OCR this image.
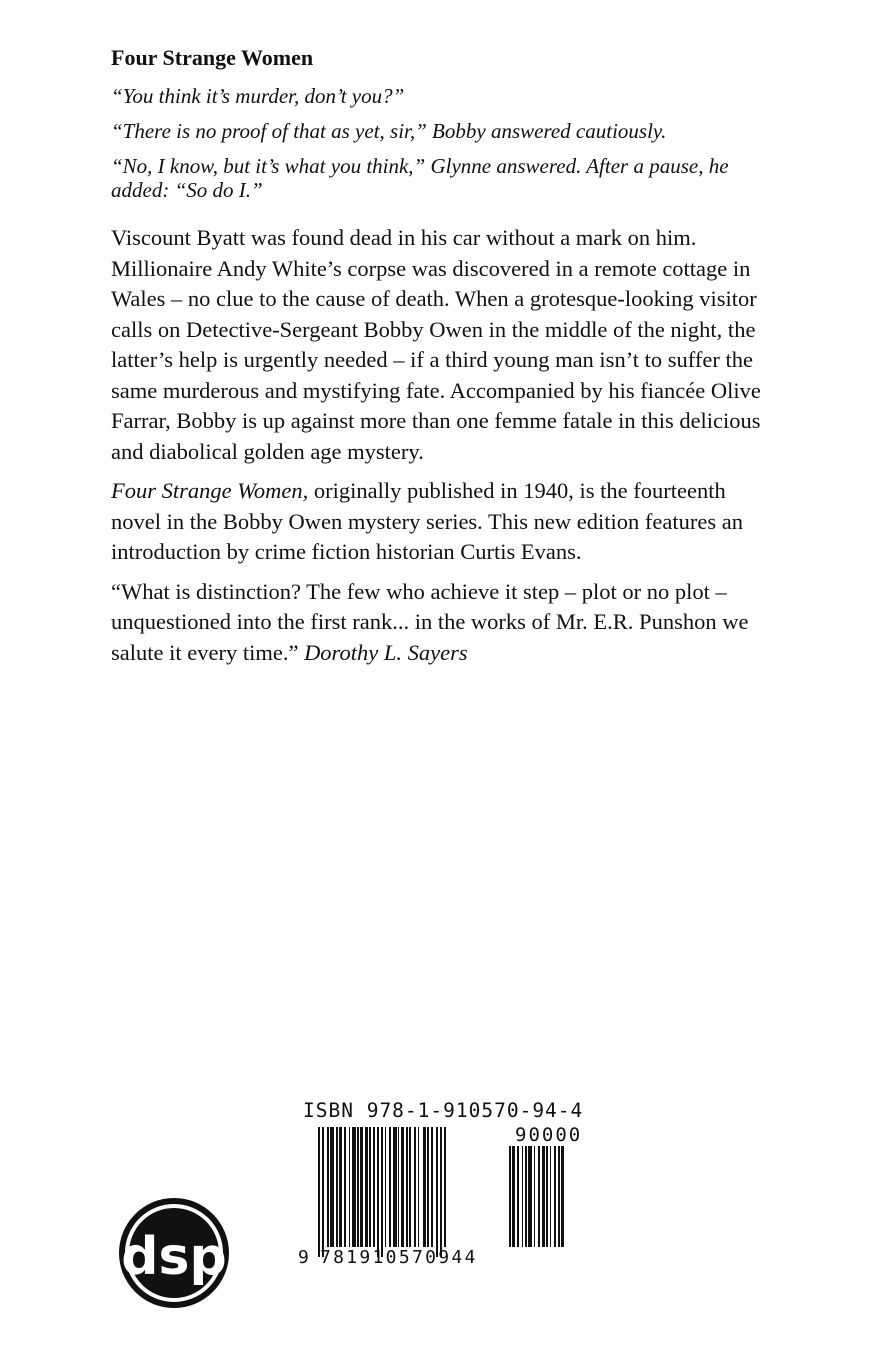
Four Strange Women
“You think it’s murder, don’t you?”
“There is no proof of that as yet, sir,” Bobby answered cautiously.
“No, I know, but it’s what you think,” Glynne answered. After a pause, he added: “So do I.”
Viscount Byatt was found dead in his car without a mark on him. Millionaire Andy White’s corpse was discovered in a remote cottage in Wales – no clue to the cause of death. When a grotesque-looking visitor calls on Detective-Sergeant Bobby Owen in the middle of the night, the latter’s help is urgently needed – if a third young man isn’t to suffer the same murderous and mystifying fate. Accompanied by his fiancée Olive Farrar, Bobby is up against more than one femme fatale in this delicious and diabolical golden age mystery.
Four Strange Women, originally published in 1940, is the fourteenth novel in the Bobby Owen mystery series. This new edition features an introduction by crime fiction historian Curtis Evans.
“What is distinction? The few who achieve it step – plot or no plot – unquestioned into the first rank... in the works of Mr. E.R. Punshon we salute it every time.” Dorothy L. Sayers
ISBN 978-1-910570-94-4
90000
9 781910570944
dsp
